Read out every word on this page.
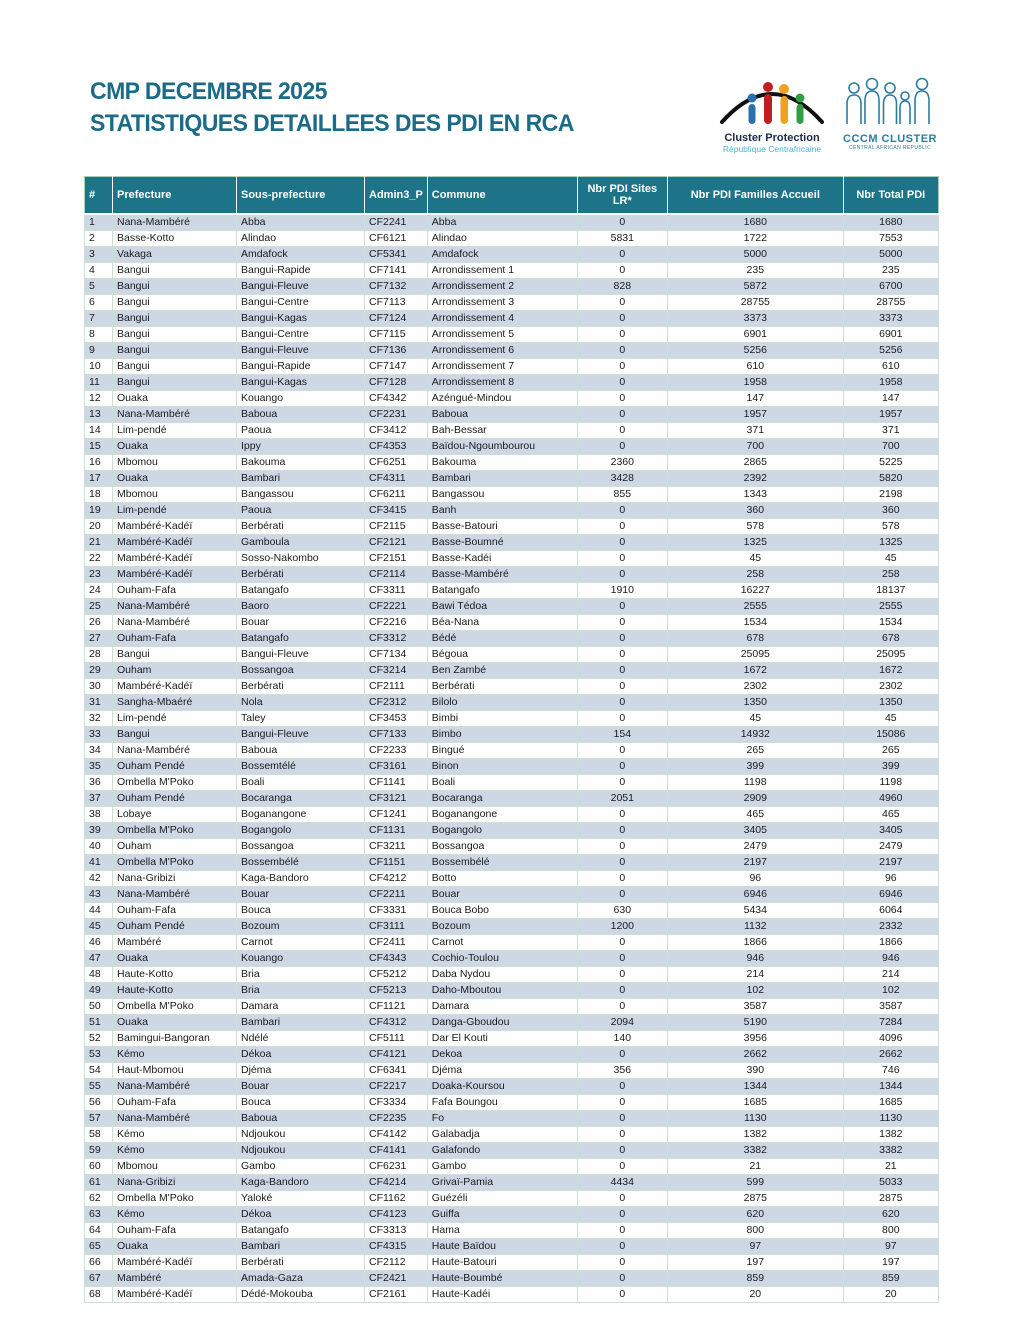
CMP DECEMBRE 2025
STATISTIQUES DETAILLEES DES PDI EN RCA
Cluster Protection
République Centrafricaine
CCCM CLUSTER
CENTRAL AFRICAN REPUBLIC
#	Prefecture	Sous-prefecture	Admin3_P	Commune	Nbr PDI Sites LR*	Nbr PDI Familles Accueil	Nbr Total PDI
1	Nana-Mambéré	Abba	CF2241	Abba	0	1680	1680
2	Basse-Kotto	Alindao	CF6121	Alindao	5831	1722	7553
3	Vakaga	Amdafock	CF5341	Amdafock	0	5000	5000
4	Bangui	Bangui-Rapide	CF7141	Arrondissement 1	0	235	235
5	Bangui	Bangui-Fleuve	CF7132	Arrondissement 2	828	5872	6700
6	Bangui	Bangui-Centre	CF7113	Arrondissement 3	0	28755	28755
7	Bangui	Bangui-Kagas	CF7124	Arrondissement 4	0	3373	3373
8	Bangui	Bangui-Centre	CF7115	Arrondissement 5	0	6901	6901
9	Bangui	Bangui-Fleuve	CF7136	Arrondissement 6	0	5256	5256
10	Bangui	Bangui-Rapide	CF7147	Arrondissement 7	0	610	610
11	Bangui	Bangui-Kagas	CF7128	Arrondissement 8	0	1958	1958
12	Ouaka	Kouango	CF4342	Azéngué-Mindou	0	147	147
13	Nana-Mambéré	Baboua	CF2231	Baboua	0	1957	1957
14	Lim-pendé	Paoua	CF3412	Bah-Bessar	0	371	371
15	Ouaka	Ippy	CF4353	Baïdou-Ngoumbourou	0	700	700
16	Mbomou	Bakouma	CF6251	Bakouma	2360	2865	5225
17	Ouaka	Bambari	CF4311	Bambari	3428	2392	5820
18	Mbomou	Bangassou	CF6211	Bangassou	855	1343	2198
19	Lim-pendé	Paoua	CF3415	Banh	0	360	360
20	Mambéré-Kadéï	Berbérati	CF2115	Basse-Batouri	0	578	578
21	Mambéré-Kadéï	Gamboula	CF2121	Basse-Boumné	0	1325	1325
22	Mambéré-Kadéï	Sosso-Nakombo	CF2151	Basse-Kadéi	0	45	45
23	Mambéré-Kadéï	Berbérati	CF2114	Basse-Mambéré	0	258	258
24	Ouham-Fafa	Batangafo	CF3311	Batangafo	1910	16227	18137
25	Nana-Mambéré	Baoro	CF2221	Bawi Tédoa	0	2555	2555
26	Nana-Mambéré	Bouar	CF2216	Béa-Nana	0	1534	1534
27	Ouham-Fafa	Batangafo	CF3312	Bédé	0	678	678
28	Bangui	Bangui-Fleuve	CF7134	Bégoua	0	25095	25095
29	Ouham	Bossangoa	CF3214	Ben Zambé	0	1672	1672
30	Mambéré-Kadéï	Berbérati	CF2111	Berbérati	0	2302	2302
31	Sangha-Mbaéré	Nola	CF2312	Bilolo	0	1350	1350
32	Lim-pendé	Taley	CF3453	Bimbi	0	45	45
33	Bangui	Bangui-Fleuve	CF7133	Bimbo	154	14932	15086
34	Nana-Mambéré	Baboua	CF2233	Bingué	0	265	265
35	Ouham Pendé	Bossemtélé	CF3161	Binon	0	399	399
36	Ombella M'Poko	Boali	CF1141	Boali	0	1198	1198
37	Ouham Pendé	Bocaranga	CF3121	Bocaranga	2051	2909	4960
38	Lobaye	Boganangone	CF1241	Boganangone	0	465	465
39	Ombella M'Poko	Bogangolo	CF1131	Bogangolo	0	3405	3405
40	Ouham	Bossangoa	CF3211	Bossangoa	0	2479	2479
41	Ombella M'Poko	Bossembélé	CF1151	Bossembélé	0	2197	2197
42	Nana-Gribizi	Kaga-Bandoro	CF4212	Botto	0	96	96
43	Nana-Mambéré	Bouar	CF2211	Bouar	0	6946	6946
44	Ouham-Fafa	Bouca	CF3331	Bouca Bobo	630	5434	6064
45	Ouham Pendé	Bozoum	CF3111	Bozoum	1200	1132	2332
46	Mambéré	Carnot	CF2411	Carnot	0	1866	1866
47	Ouaka	Kouango	CF4343	Cochio-Toulou	0	946	946
48	Haute-Kotto	Bria	CF5212	Daba Nydou	0	214	214
49	Haute-Kotto	Bria	CF5213	Daho-Mboutou	0	102	102
50	Ombella M'Poko	Damara	CF1121	Damara	0	3587	3587
51	Ouaka	Bambari	CF4312	Danga-Gboudou	2094	5190	7284
52	Bamingui-Bangoran	Ndélé	CF5111	Dar El Kouti	140	3956	4096
53	Kémo	Dékoa	CF4121	Dekoa	0	2662	2662
54	Haut-Mbomou	Djéma	CF6341	Djéma	356	390	746
55	Nana-Mambéré	Bouar	CF2217	Doaka-Koursou	0	1344	1344
56	Ouham-Fafa	Bouca	CF3334	Fafa Boungou	0	1685	1685
57	Nana-Mambéré	Baboua	CF2235	Fo	0	1130	1130
58	Kémo	Ndjoukou	CF4142	Galabadja	0	1382	1382
59	Kémo	Ndjoukou	CF4141	Galafondo	0	3382	3382
60	Mbomou	Gambo	CF6231	Gambo	0	21	21
61	Nana-Gribizi	Kaga-Bandoro	CF4214	Grivaï-Pamia	4434	599	5033
62	Ombella M'Poko	Yaloké	CF1162	Guézéli	0	2875	2875
63	Kémo	Dékoa	CF4123	Guiffa	0	620	620
64	Ouham-Fafa	Batangafo	CF3313	Hama	0	800	800
65	Ouaka	Bambari	CF4315	Haute Baïdou	0	97	97
66	Mambéré-Kadéï	Berbérati	CF2112	Haute-Batouri	0	197	197
67	Mambéré	Amada-Gaza	CF2421	Haute-Boumbé	0	859	859
68	Mambéré-Kadéï	Dédé-Mokouba	CF2161	Haute-Kadéi	0	20	20
